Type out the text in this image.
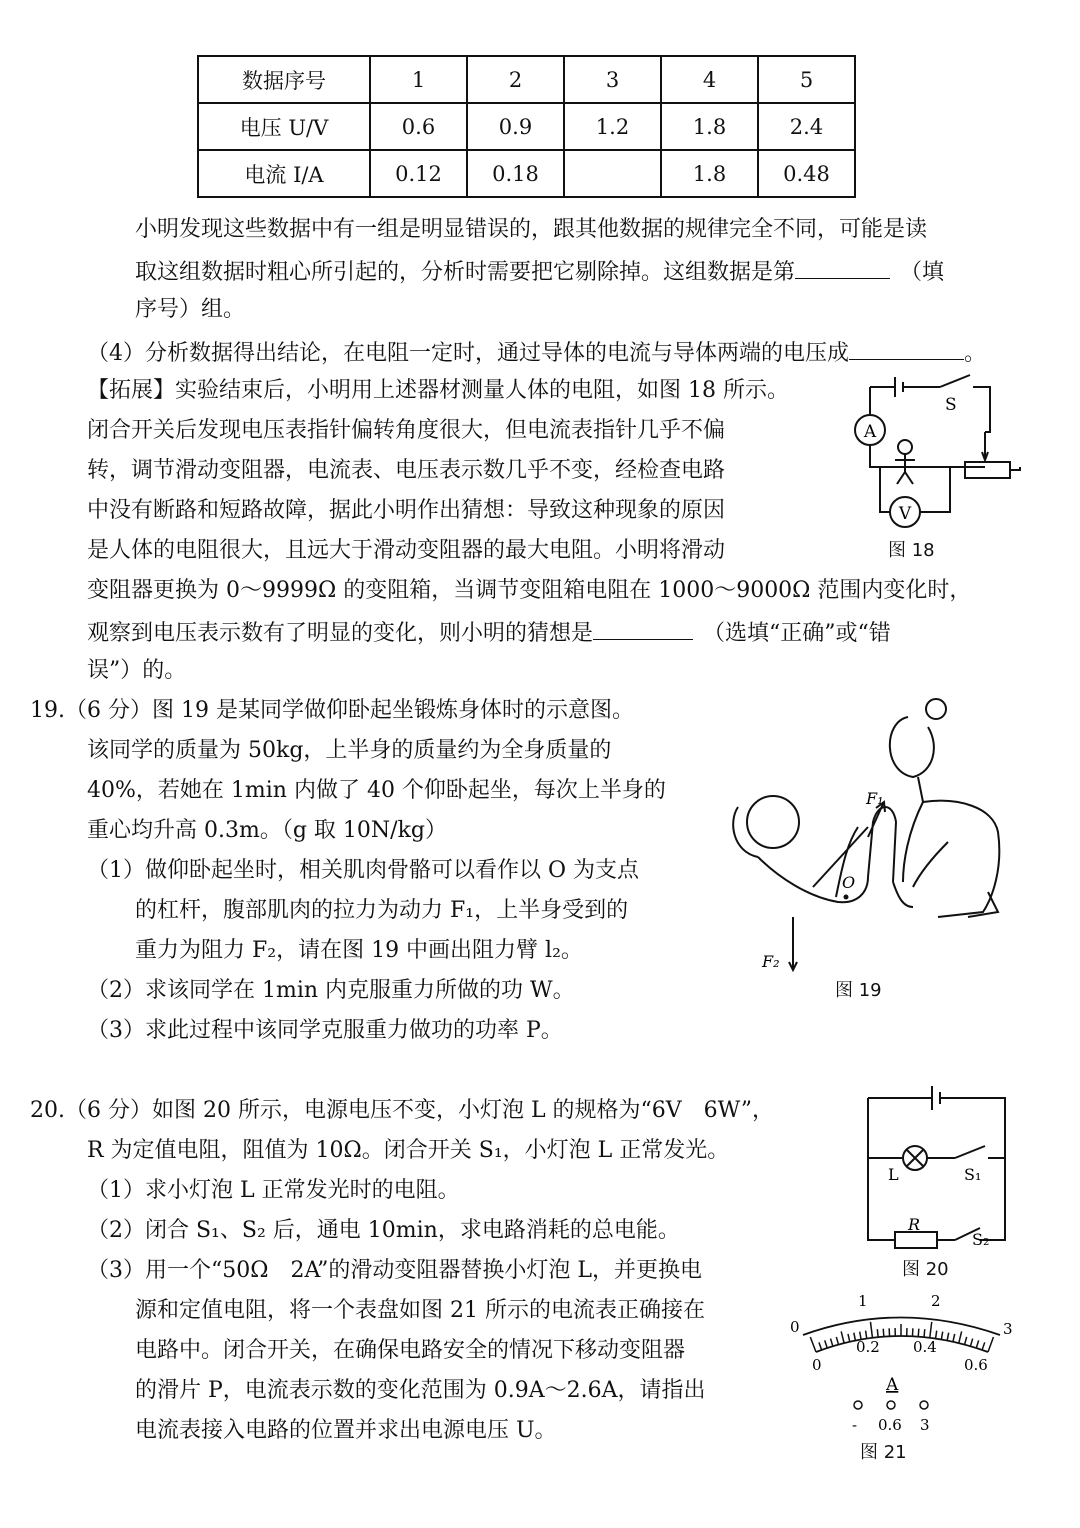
数据序号	1	2	3	4	5
电压 U/V	0.6	0.9	1.2	1.8	2.4
电流 I/A	0.12	0.18		1.8	0.48
小明发现这些数据中有一组是明显错误的，跟其他数据的规律完全不同，可能是读
取这组数据时粗心所引起的，分析时需要把它剔除掉。这组数据是第	（填
序号）组。
（4）分析数据得出结论，在电阻一定时，通过导体的电流与导体两端的电压成	。
【拓展】实验结束后，小明用上述器材测量人体的电阻，如图 18 所示。
闭合开关后发现电压表指针偏转角度很大，但电流表指针几乎不偏
转，调节滑动变阻器，电流表、电压表示数几乎不变，经检查电路
中没有断路和短路故障，据此小明作出猜想：导致这种现象的原因
是人体的电阻很大，且远大于滑动变阻器的最大电阻。小明将滑动
变阻器更换为 0～9999Ω 的变阻箱，当调节变阻箱电阻在 1000～9000Ω 范围内变化时，
观察到电压表示数有了明显的变化，则小明的猜想是	（选填“正确”或“错
误”）的。
A
V
S
图 18
19.（6 分）图 19 是某同学做仰卧起坐锻炼身体时的示意图。
该同学的质量为 50kg，上半身的质量约为全身质量的
40%，若她在 1min 内做了 40 个仰卧起坐，每次上半身的
重心均升高 0.3m。（g 取 10N/kg）
（1）做仰卧起坐时，相关肌肉骨骼可以看作以 O 为支点
的杠杆，腹部肌肉的拉力为动力 F₁，上半身受到的
重力为阻力 F₂，请在图 19 中画出阻力臂 l₂。
（2）求该同学在 1min 内克服重力所做的功 W。
（3）求此过程中该同学克服重力做功的功率 P。
F₁
F₂
O
图 19
20.（6 分）如图 20 所示，电源电压不变，小灯泡 L 的规格为“6V　6W”，
R 为定值电阻，阻值为 10Ω。闭合开关 S₁，小灯泡 L 正常发光。
（1）求小灯泡 L 正常发光时的电阻。
（2）闭合 S₁、S₂ 后，通电 10min，求电路消耗的总电能。
（3）用一个“50Ω　2A”的滑动变阻器替换小灯泡 L，并更换电
源和定值电阻，将一个表盘如图 21 所示的电流表正确接在
电路中。闭合开关，在确保电路安全的情况下移动变阻器
的滑片 P，电流表示数的变化范围为 0.9A～2.6A，请指出
电流表接入电路的位置并求出电源电压 U。
L	S₁
R
S₂
图 20
0
1	2
3
0
0.2 0.4
0.6
A
- 0.6 3
图 21
